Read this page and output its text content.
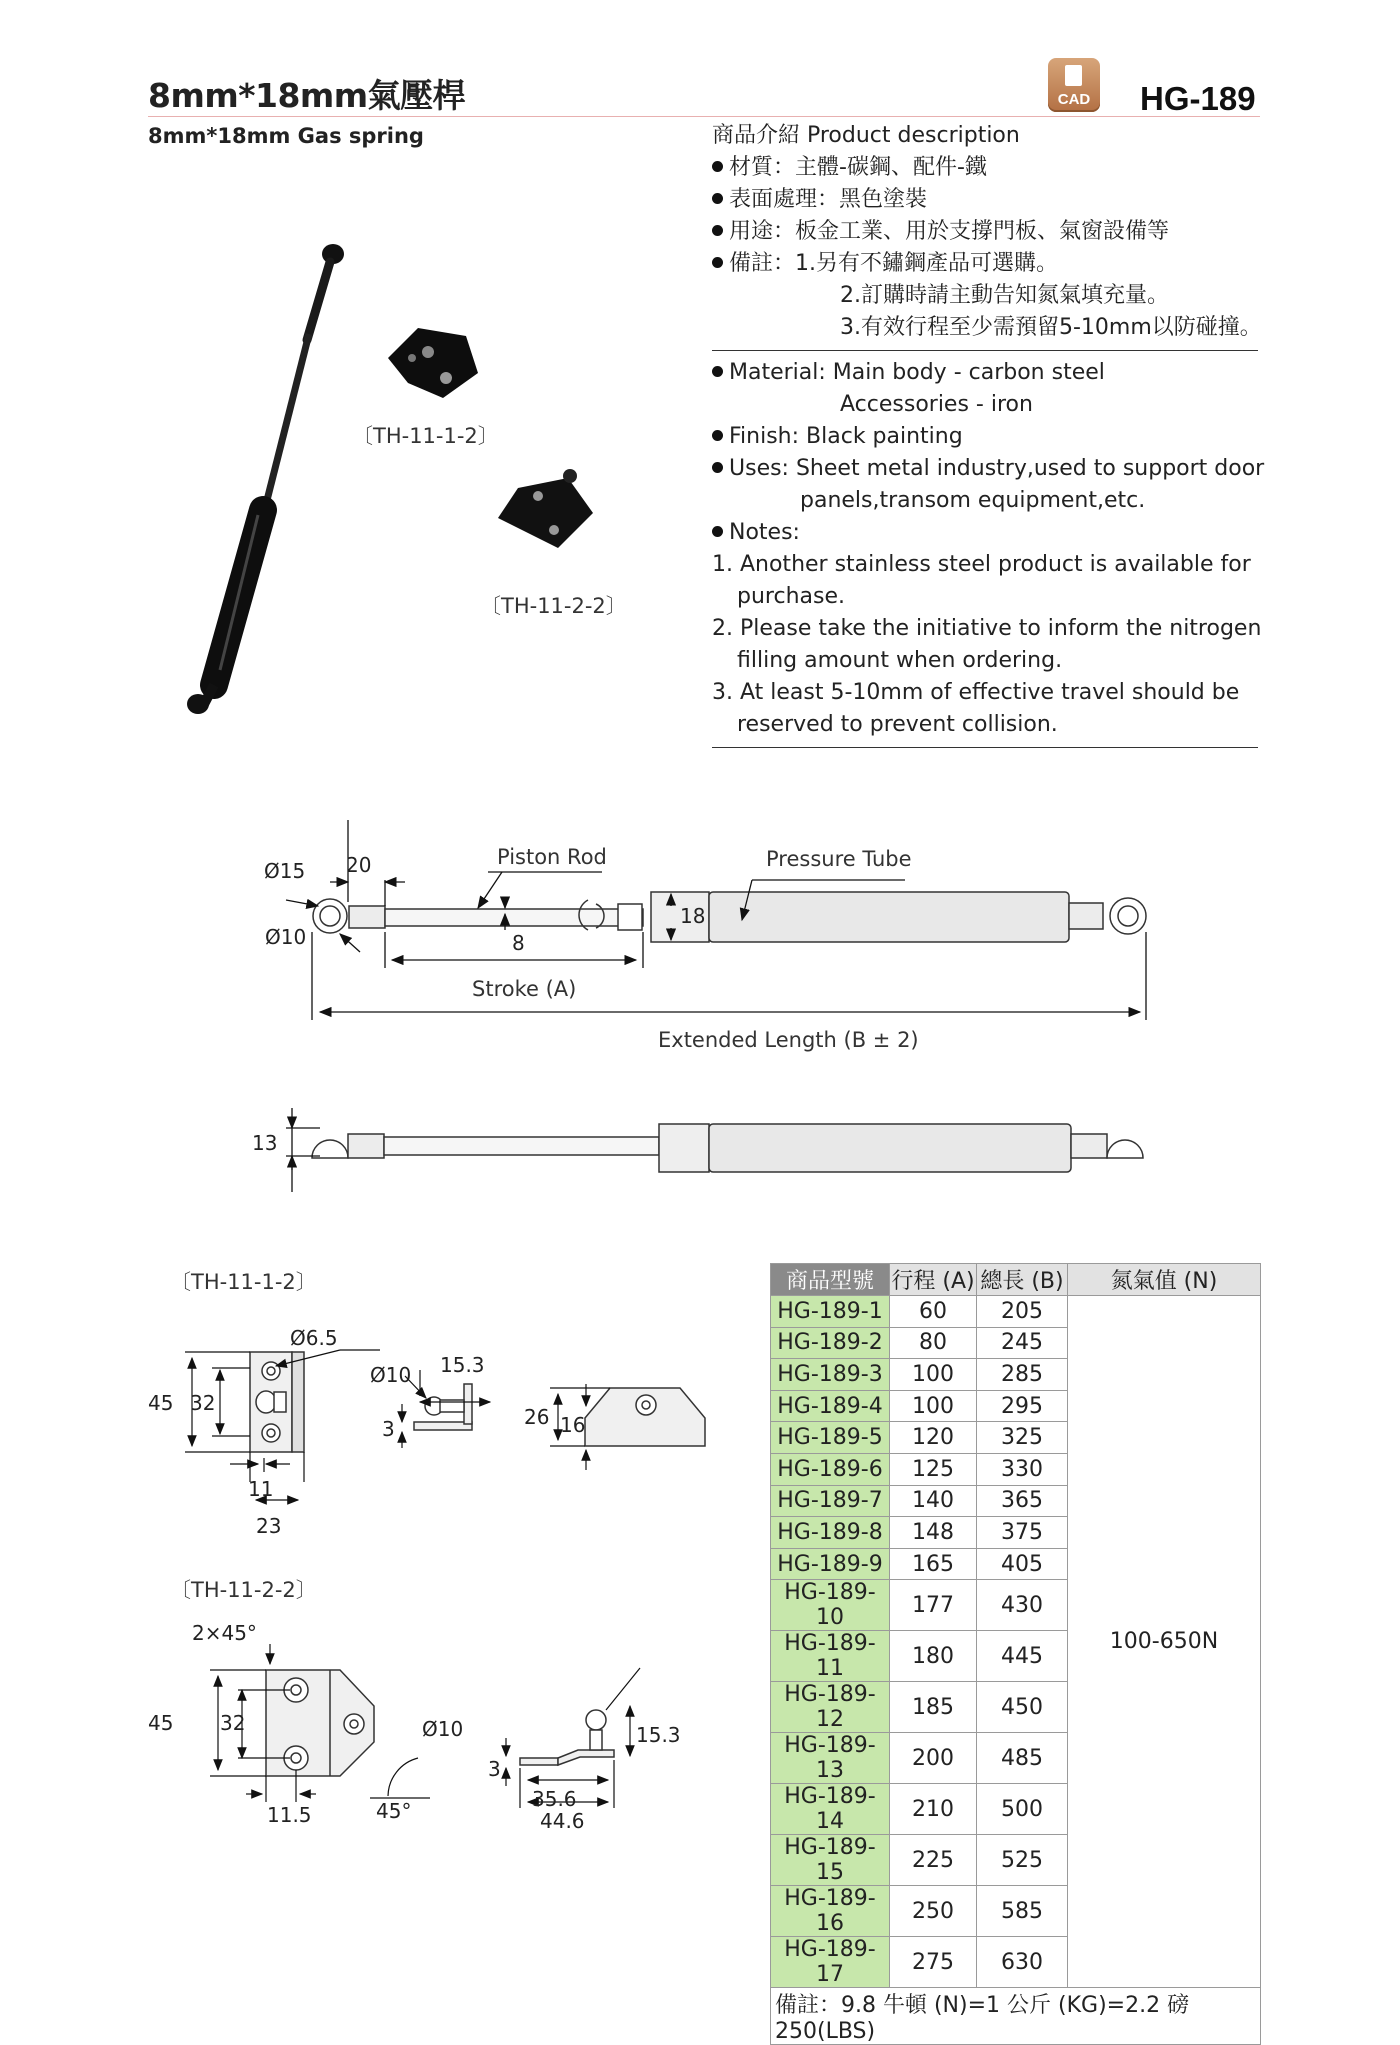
8mm*18mm氣壓桿
8mm*18mm Gas spring
CAD HG-189
〔TH-11-1-2〕
〔TH-11-2-2〕
商品介紹 Product description
材質：主體-碳鋼、配件-鐵
表面處理：黑色塗裝
用途：板金工業、用於支撐門板、氣窗設備等
備註：1.另有不鏽鋼產品可選購。
2.訂購時請主動告知氮氣填充量。
3.有效行程至少需預留5-10mm以防碰撞。
Material: Main body - carbon steel
Accessories - iron
Finish: Black painting
Uses: Sheet metal industry,used to support door
panels,transom equipment,etc.
Notes:
1. Another stainless steel product is available for
purchase.
2. Please take the initiative to inform the nitrogen
filling amount when ordering.
3. At least 5-10mm of effective travel should be
reserved to prevent collision.
Ø15
Ø10
20	Piston Rod	Pressure Tube
18
8
Stroke (A)
Extended Length (B ± 2)
13
〔TH-11-1-2〕
Ø6.5
45 32
11
23
15.3
Ø10
3	26 16
〔TH-11-2-2〕
2×45°
45 32
11.5	45°
Ø10
3
35.6
44.6
15.3
商品型號	行程 (A)	總長 (B)	氮氣值 (N)
HG-189-1	60	205	100-650N
HG-189-2	80	245	
HG-189-3	100	285	
HG-189-4	100	295	
HG-189-5	120	325	
HG-189-6	125	330	
HG-189-7	140	365	
HG-189-8	148	375	
HG-189-9	165	405	
HG-189-10	177	430	
HG-189-11	180	445	
HG-189-12	185	450	
HG-189-13	200	485	
HG-189-14	210	500	
HG-189-15	225	525	
HG-189-16	250	585	
HG-189-17	275	630	
備註：9.8 牛頓 (N)=1 公斤 (KG)=2.2 磅 250(LBS)			
